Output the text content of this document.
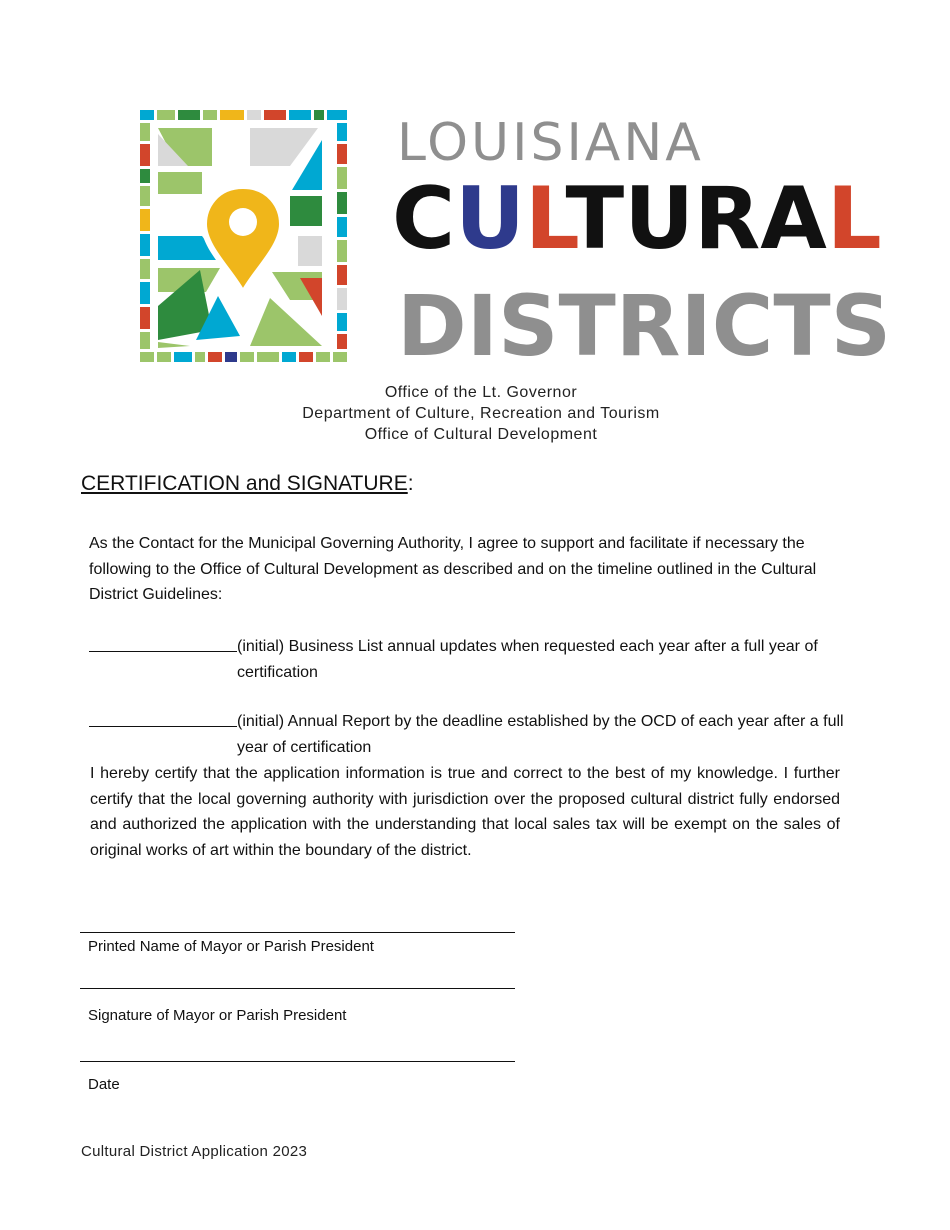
LOUISIANA
CULTURAL
DISTRICTS
Office of the Lt. Governor
Department of Culture, Recreation and Tourism
Office of Cultural Development
CERTIFICATION and SIGNATURE:
As the Contact for the Municipal Governing Authority, I agree to support and facilitate if necessary the following to the Office of Cultural Development as described and on the timeline outlined in the Cultural District Guidelines:
(initial) Business List annual updates when requested each year after a full year of certification
(initial) Annual Report by the deadline established by the OCD of each year after a full year of certification
I hereby certify that the application information is true and correct to the best of my knowledge. I further certify that the local governing authority with jurisdiction over the proposed cultural district fully endorsed and authorized the application with the understanding that local sales tax will be exempt on the sales of original works of art within the boundary of the district.
Printed Name of Mayor or Parish President
Signature of Mayor or Parish President
Date
Cultural District Application 2023
